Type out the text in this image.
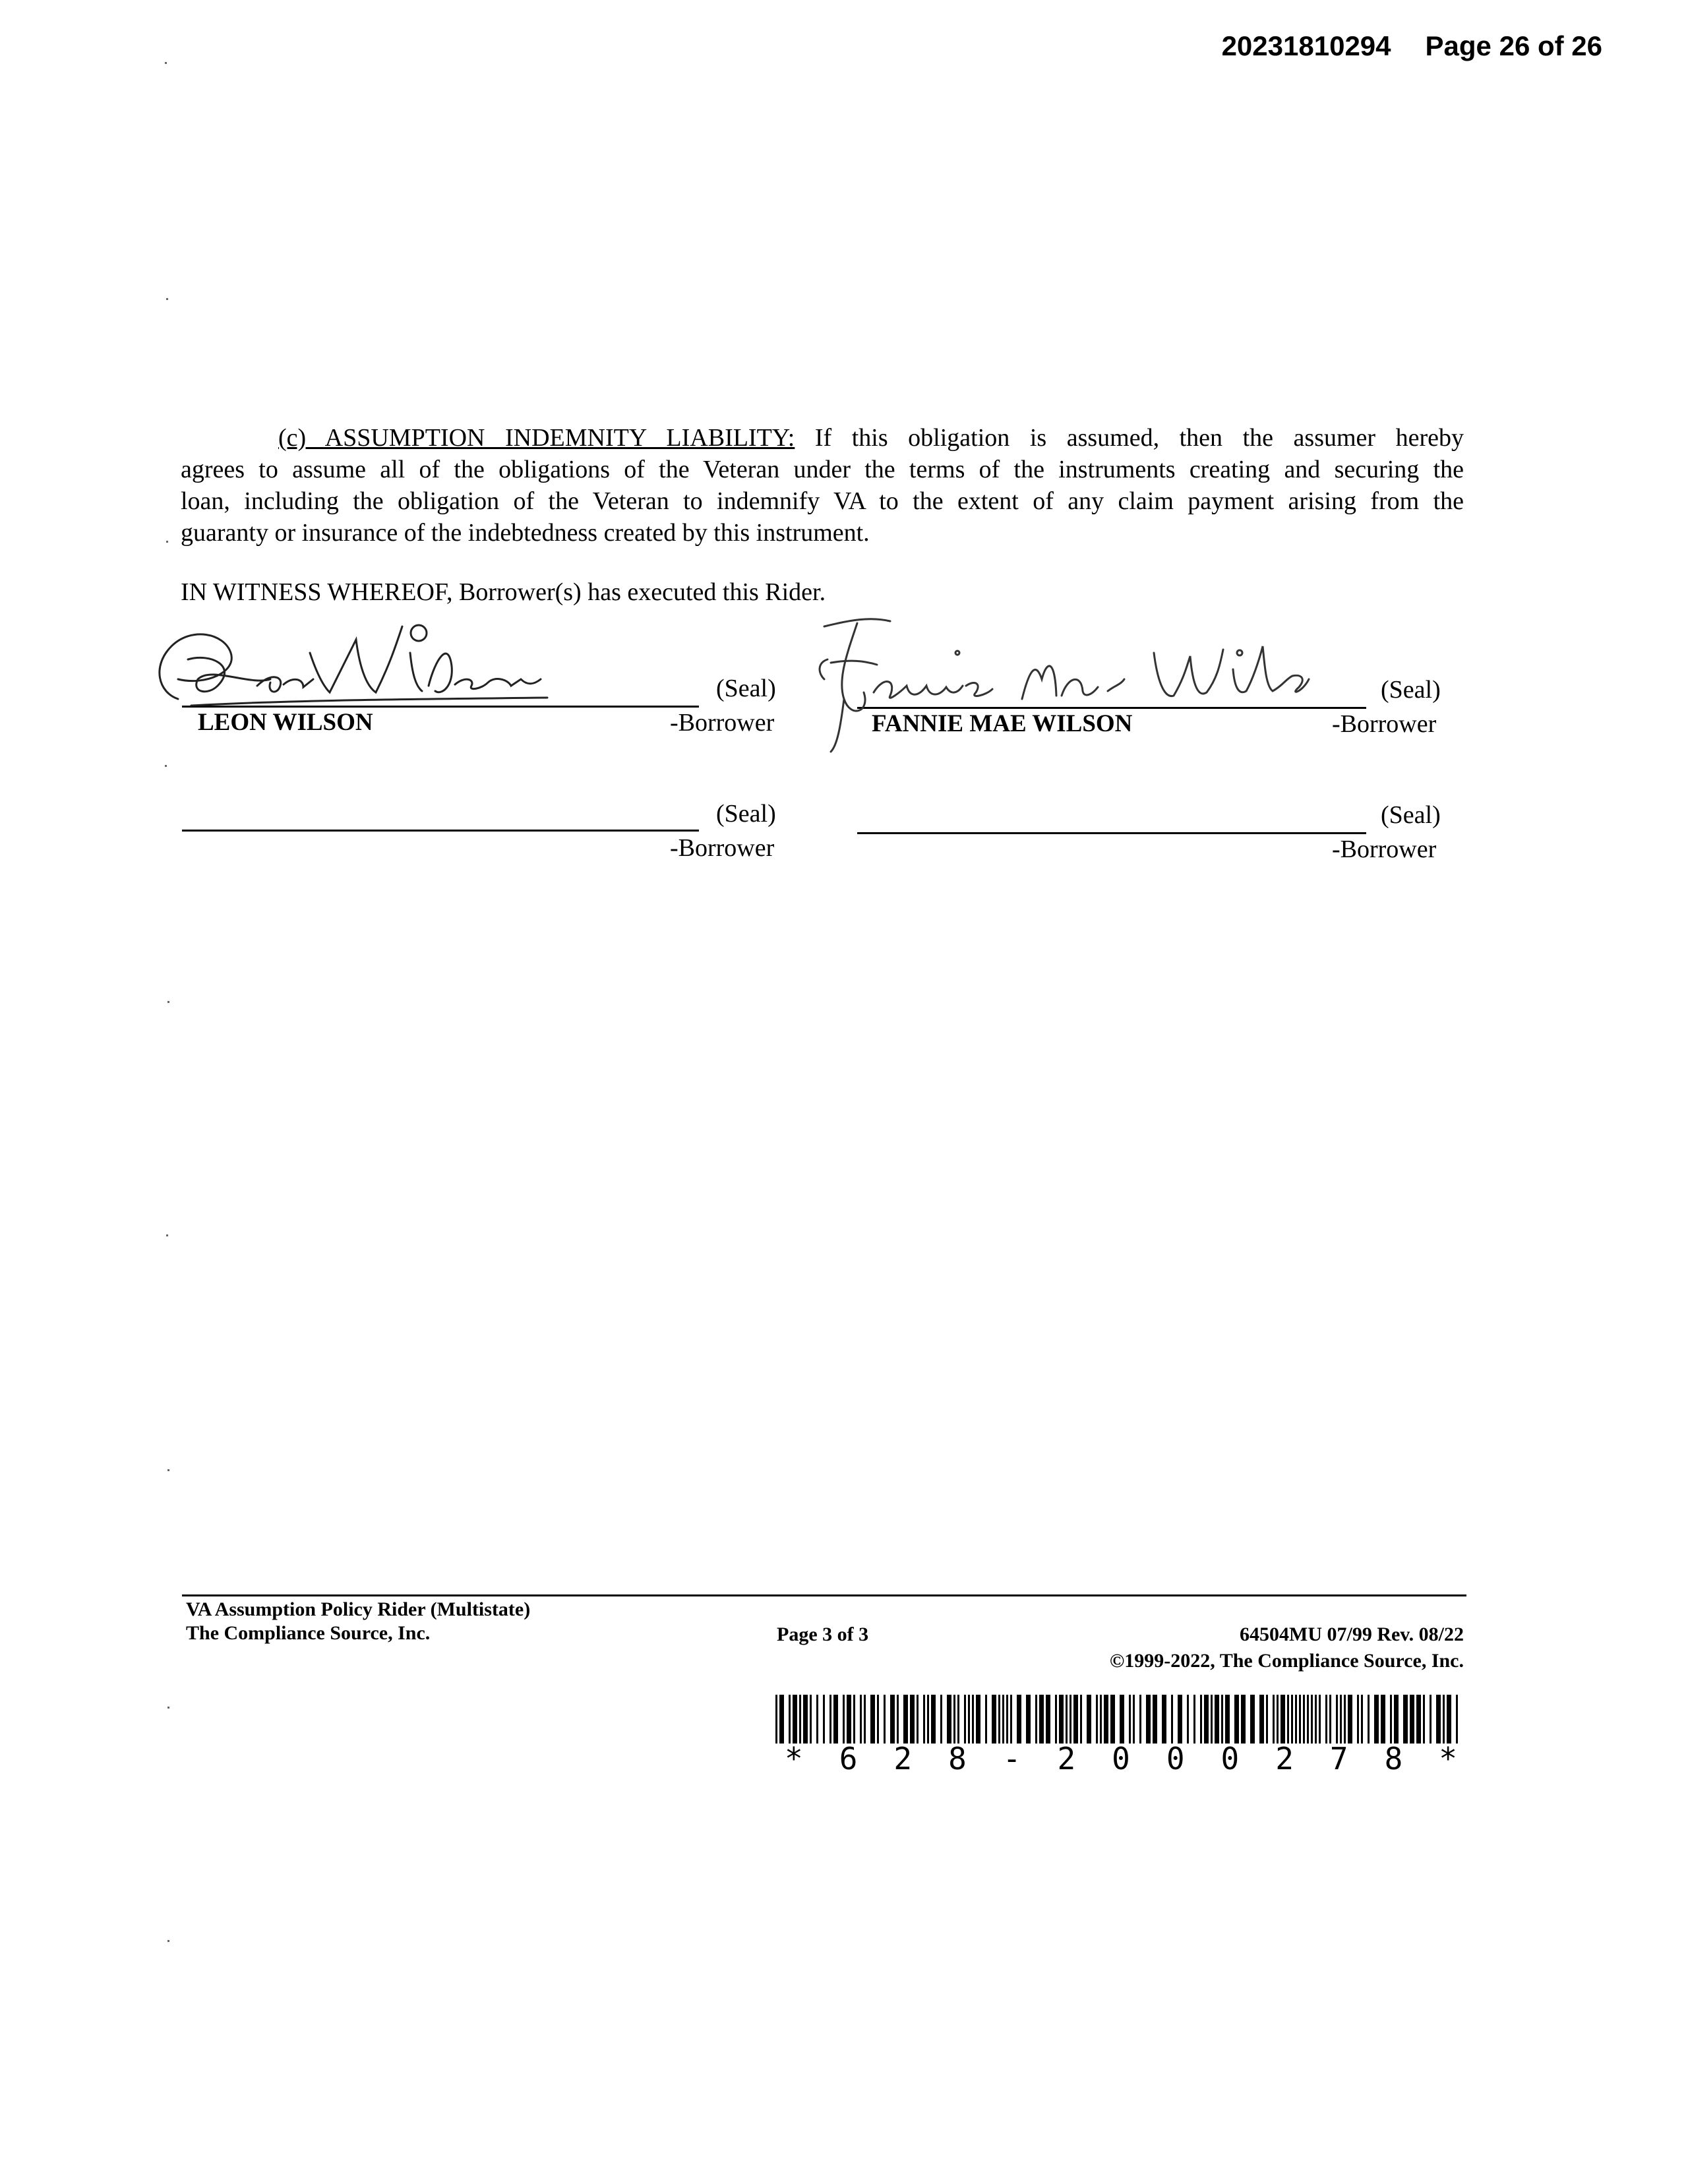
20231810294 Page 26 of 26
(c) ASSUMPTION INDEMNITY LIABILITY: If this obligation is assumed, then the assumer hereby
agrees to assume all of the obligations of the Veteran under the terms of the instruments creating and securing the
loan, including the obligation of the Veteran to indemnify VA to the extent of any claim payment arising from the
guaranty or insurance of the indebtedness created by this instrument.
IN WITNESS WHEREOF, Borrower(s) has executed this Rider.
(Seal)
-Borrower
LEON WILSON
(Seal)
-Borrower
FANNIE MAE WILSON
(Seal)
-Borrower
(Seal)
-Borrower
VA Assumption Policy Rider (Multistate)
The Compliance Source, Inc.	Page 3 of 3	64504MU 07/99 Rev. 08/22
©1999-2022, The Compliance Source, Inc.
* 6 2 8 - 2 0 0 0 2 7 8 *
